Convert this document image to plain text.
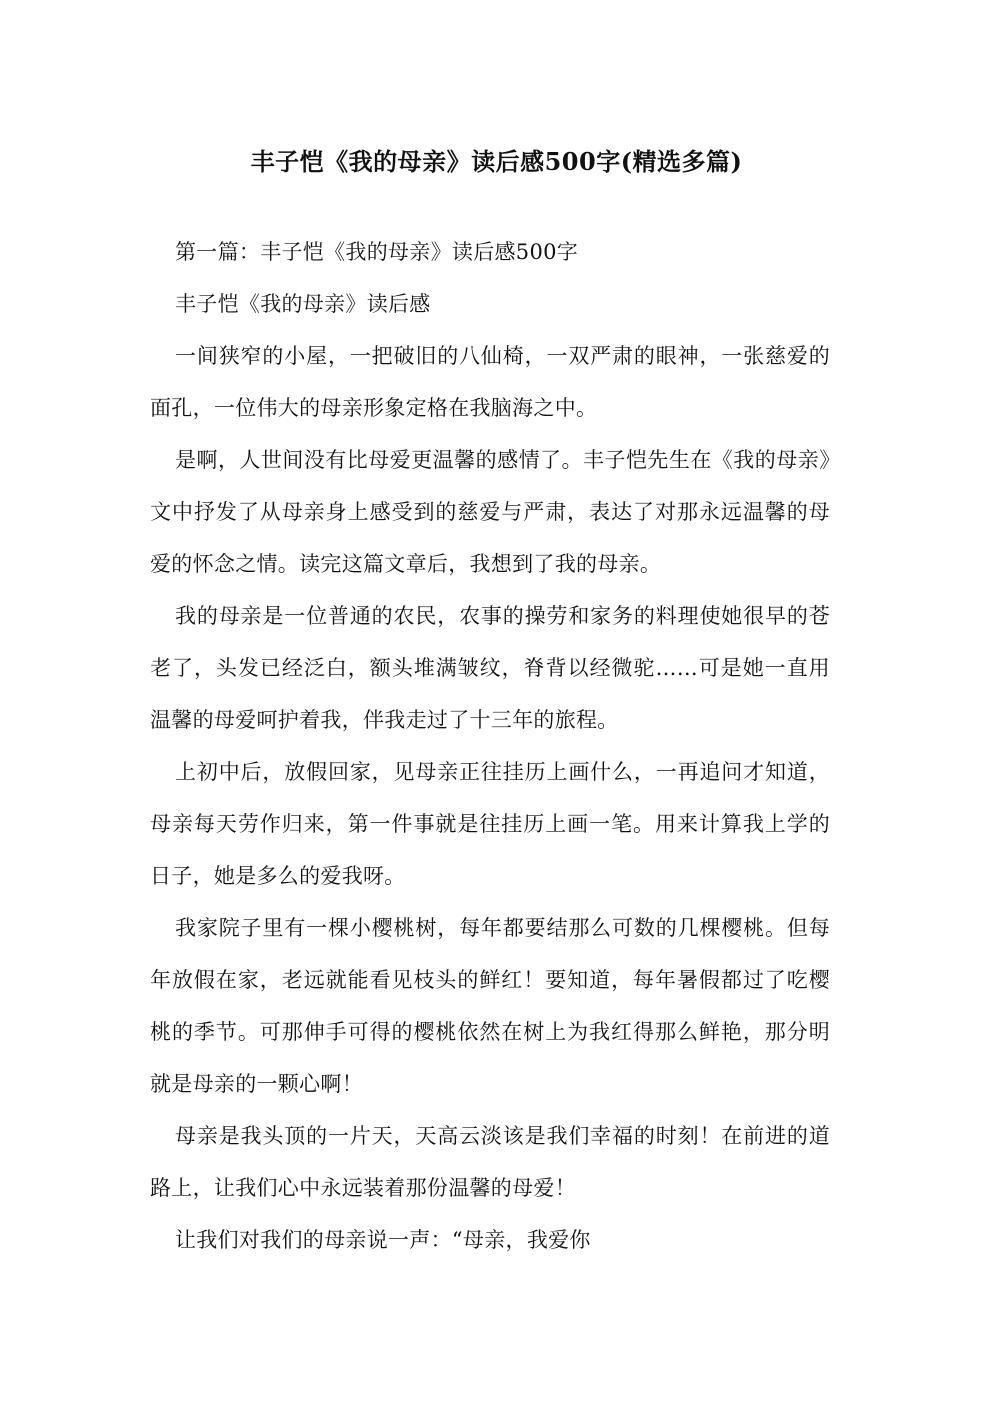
丰子恺《我的母亲》读后感500字(精选多篇)

第一篇：丰子恺《我的母亲》读后感500字

丰子恺《我的母亲》读后感

一间狭窄的小屋，一把破旧的八仙椅，一双严肃的眼神，一张慈爱的面孔，一位伟大的母亲形象定格在我脑海之中。

是啊，人世间没有比母爱更温馨的感情了。丰子恺先生在《我的母亲》文中抒发了从母亲身上感受到的慈爱与严肃，表达了对那永远温馨的母爱的怀念之情。读完这篇文章后，我想到了我的母亲。

我的母亲是一位普通的农民，农事的操劳和家务的料理使她很早的苍老了，头发已经泛白，额头堆满皱纹，脊背以经微驼……可是她一直用温馨的母爱呵护着我，伴我走过了十三年的旅程。

上初中后，放假回家，见母亲正往挂历上画什么，一再追问才知道，母亲每天劳作归来，第一件事就是往挂历上画一笔。用来计算我上学的日子，她是多么的爱我呀。

我家院子里有一棵小樱桃树，每年都要结那么可数的几棵樱桃。但每年放假在家，老远就能看见枝头的鲜红！要知道，每年暑假都过了吃樱桃的季节。可那伸手可得的樱桃依然在树上为我红得那么鲜艳，那分明就是母亲的一颗心啊！

母亲是我头顶的一片天，天高云淡该是我们幸福的时刻！在前进的道路上，让我们心中永远装着那份温馨的母爱！

让我们对我们的母亲说一声：“母亲，我爱你
